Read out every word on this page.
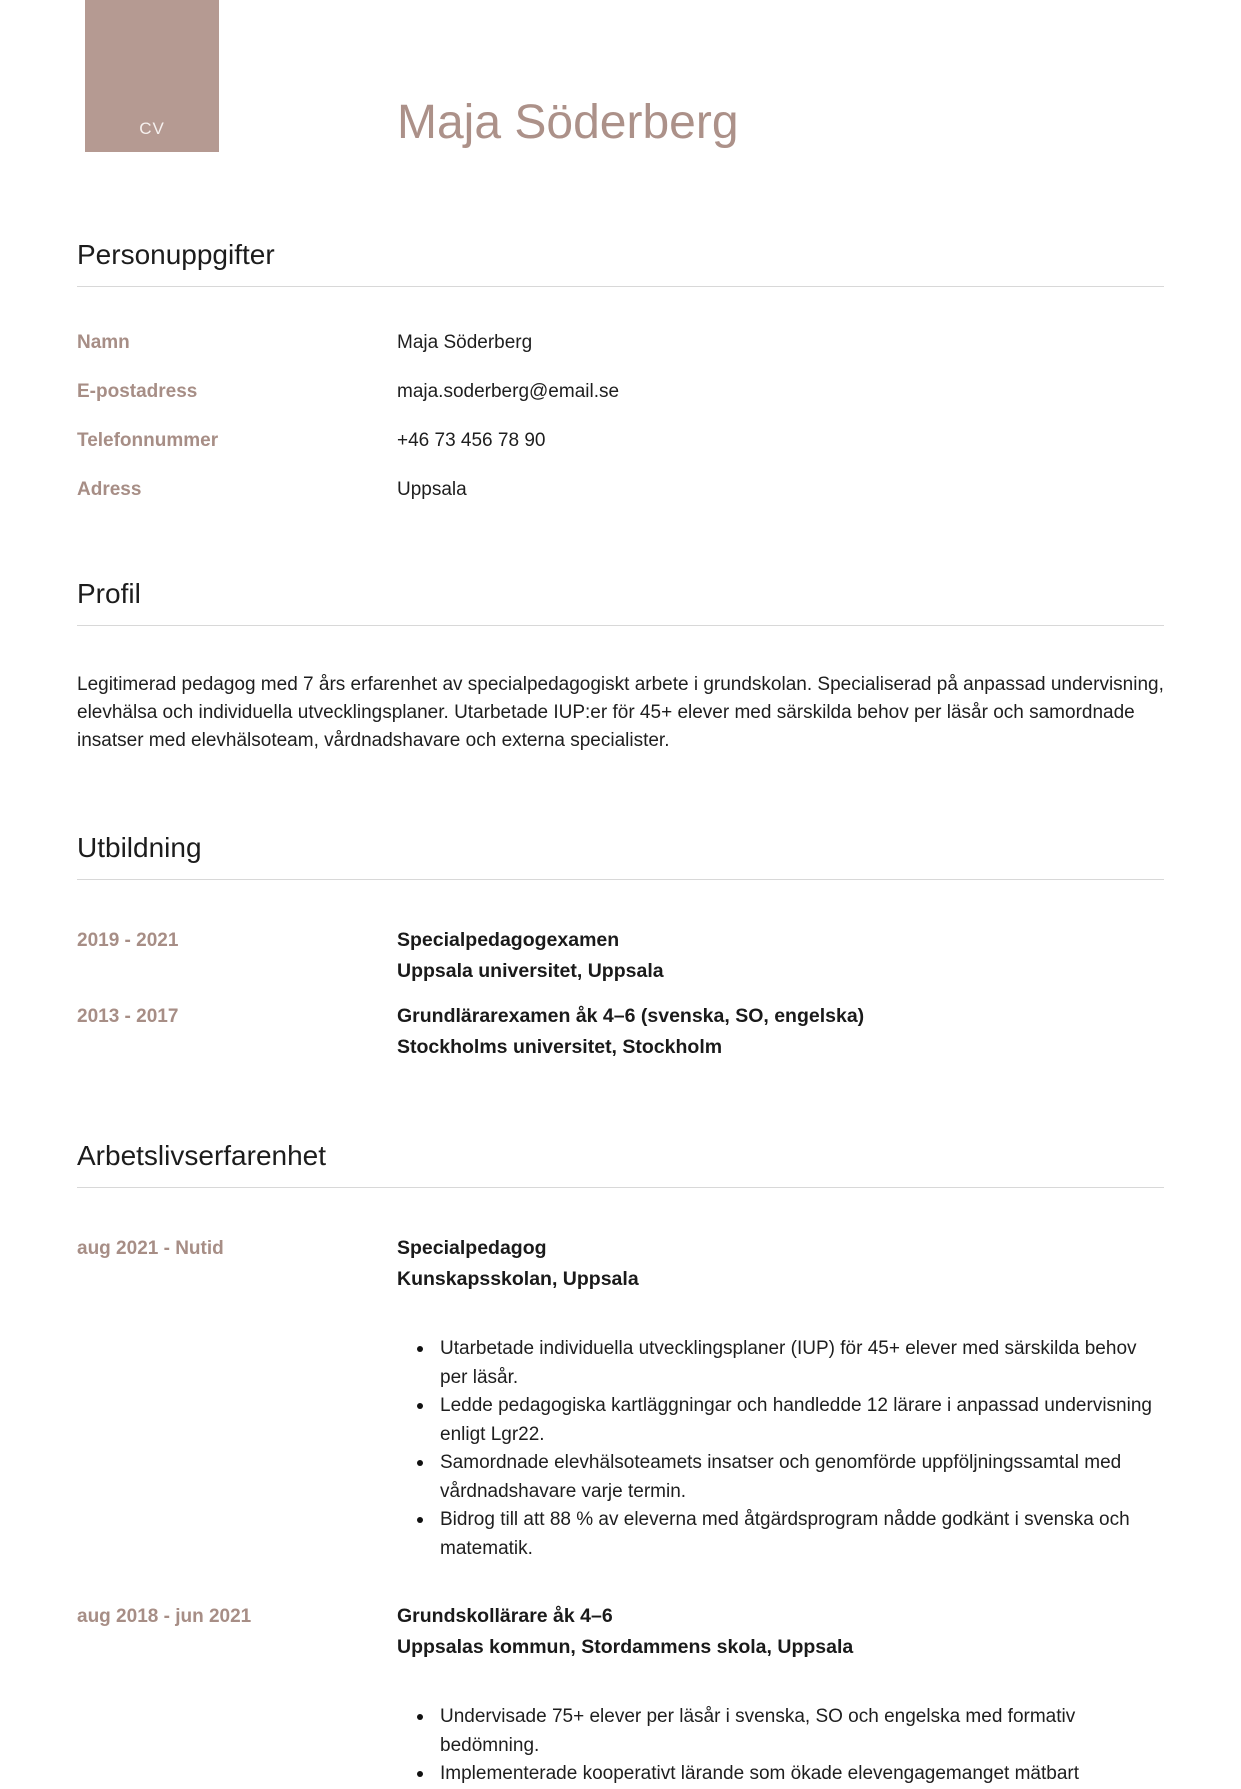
CV	Maja Söderberg
Personuppgifter
Namn	Maja Söderberg
E-postadress	maja.soderberg@email.se
Telefonnummer	+46 73 456 78 90
Adress	Uppsala
Profil

Legitimerad pedagog med 7 års erfarenhet av specialpedagogiskt arbete i grundskolan. Specialiserad på anpassad undervisning, elevhälsa och individuella utvecklingsplaner. Utarbetade IUP:er för 45+ elever med särskilda behov per läsår och samordnade insatser med elevhälsoteam, vårdnadshavare och externa specialister.

Utbildning
2019 - 2021	Specialpedagogexamen
Uppsala universitet, Uppsala
2013 - 2017	Grundlärarexamen åk 4–6 (svenska, SO, engelska)
Stockholms universitet, Stockholm
Arbetslivserfarenhet
aug 2021 - Nutid	Specialpedagog
Kunskapsskolan, Uppsala
Utarbetade individuella utvecklingsplaner (IUP) för 45+ elever med särskilda behov per läsår.
Ledde pedagogiska kartläggningar och handledde 12 lärare i anpassad undervisning enligt Lgr22.
Samordnade elevhälsoteamets insatser och genomförde uppföljningssamtal med vårdnadshavare varje termin.
Bidrog till att 88 % av eleverna med åtgärdsprogram nådde godkänt i svenska och matematik.
aug 2018 - jun 2021	Grundskollärare åk 4–6
Uppsalas kommun, Stordammens skola, Uppsala
Undervisade 75+ elever per läsår i svenska, SO och engelska med formativ bedömning.
Implementerade kooperativt lärande som ökade elevengagemanget mätbart
